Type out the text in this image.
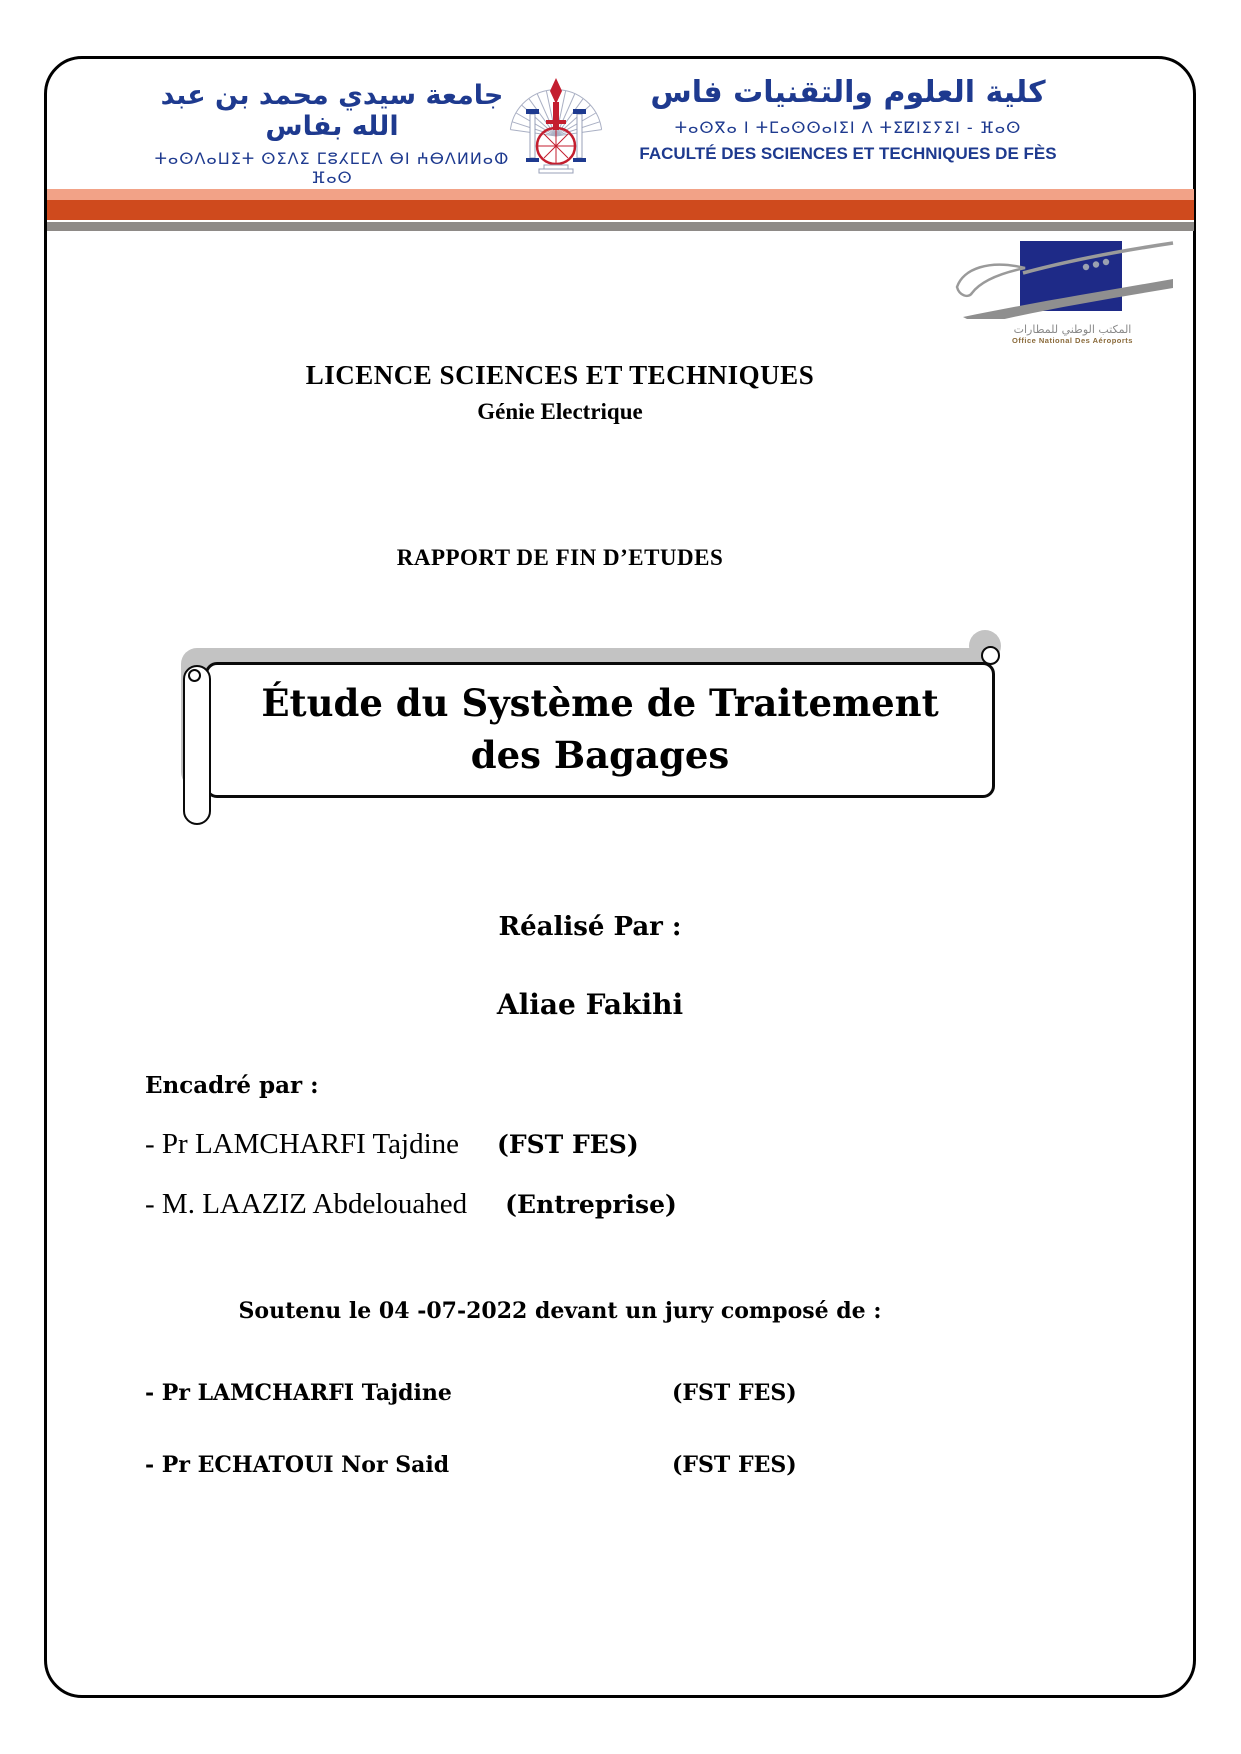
جامعة سيدي محمد بن عبد الله بفاس
ⵜⴰⵙⴷⴰⵡⵉⵜ ⵙⵉⴷⵉ ⵎⵓⵃⵎⵎⴷ ⴱⵏ ⵄⴱⴷⵍⵍⴰⵀ ⴼⴰⵙ
كلية العلوم والتقنيات فاس
ⵜⴰⵙⴳⴰ ⵏ ⵜⵎⴰⵙⵙⴰⵏⵉⵏ ⴷ ⵜⵉⵇⵏⵉⵢⵉⵏ - ⴼⴰⵙ
FACULTÉ DES SCIENCES ET TECHNIQUES DE FÈS
المكتب الوطني للمطارات
Office National Des Aéroports
LICENCE SCIENCES ET TECHNIQUES
Génie Electrique
RAPPORT DE FIN D’ETUDES
Étude du Système de Traitement
des Bagages
Réalisé Par :
Aliae Fakihi
Encadré par :
- Pr LAMCHARFI Tajdine (FST FES)
- M. LAAZIZ Abdelouahed (Entreprise)
Soutenu le 04 -07-2022 devant un jury composé de :
- Pr LAMCHARFI Tajdine	(FST FES)
- Pr ECHATOUI Nor Said	(FST FES)
